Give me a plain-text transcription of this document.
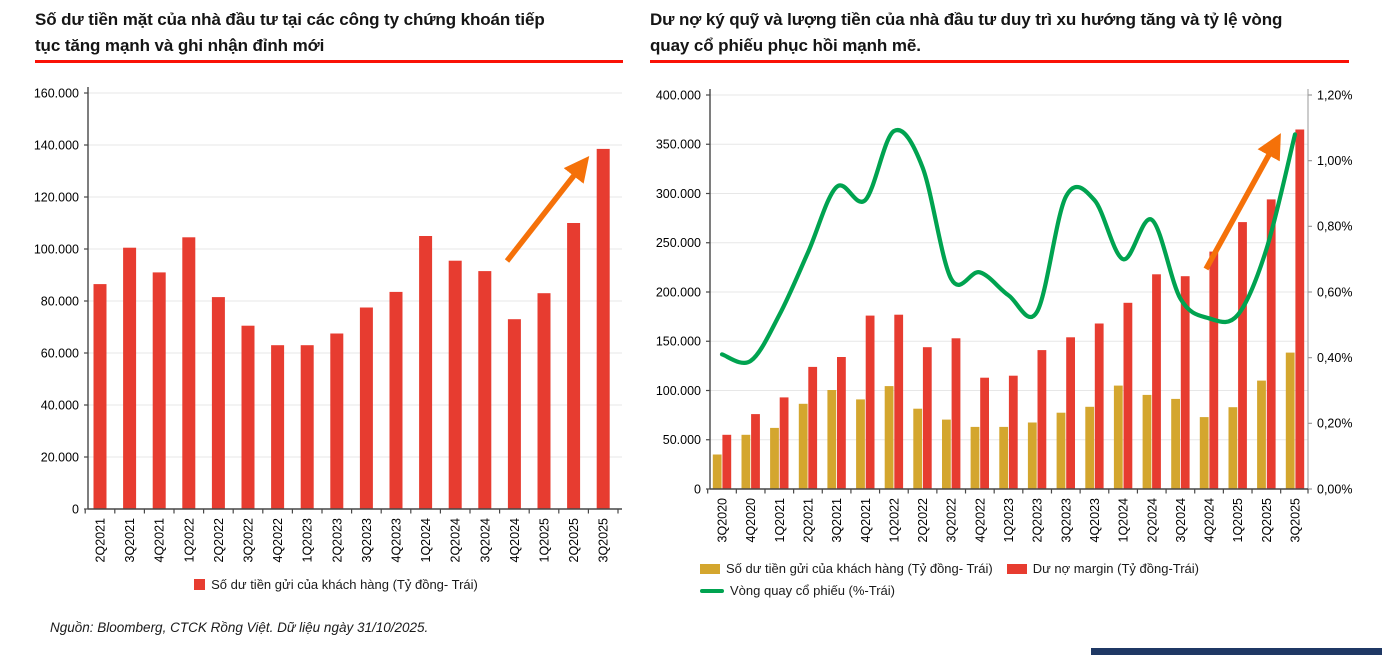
Số dư tiền mặt của nhà đầu tư tại các công ty chứng khoán tiếp
tục tăng mạnh và ghi nhận đỉnh mới
Dư nợ ký quỹ và lượng tiền của nhà đầu tư duy trì xu hướng tăng và tỷ lệ vòng
quay cổ phiếu phục hồi mạnh mẽ.
0
20.000
40.000
60.000
80.000
100.000
120.000
140.000
160.000
2Q2021 3Q2021 4Q2021 1Q2022 2Q2022 3Q2022 4Q2022 1Q2023 2Q2023 3Q2023 4Q2023 1Q2024 2Q2024 3Q2024 4Q2024 1Q2025 2Q2025 3Q2025
0
50.000
100.000
150.000
200.000
250.000
300.000
350.000
400.000
0,00%
0,20%
0,40%
0,60%
0,80%
1,00%
1,20%
3Q2020 4Q2020 1Q2021 2Q2021 3Q2021 4Q2021 1Q2022 2Q2022 3Q2022 4Q2022 1Q2023 2Q2023 3Q2023 4Q2023 1Q2024 2Q2024 3Q2024 4Q2024 1Q2025 2Q2025 3Q2025
Số dư tiền gửi của khách hàng (Tỷ đồng- Trái)
Số dư tiền gửi của khách hàng (Tỷ đồng- Trái)	Dư nợ margin (Tỷ đồng-Trái)
Vòng quay cổ phiếu (%-Trái)
Nguồn: Bloomberg, CTCK Rồng Việt. Dữ liệu ngày 31/10/2025.
